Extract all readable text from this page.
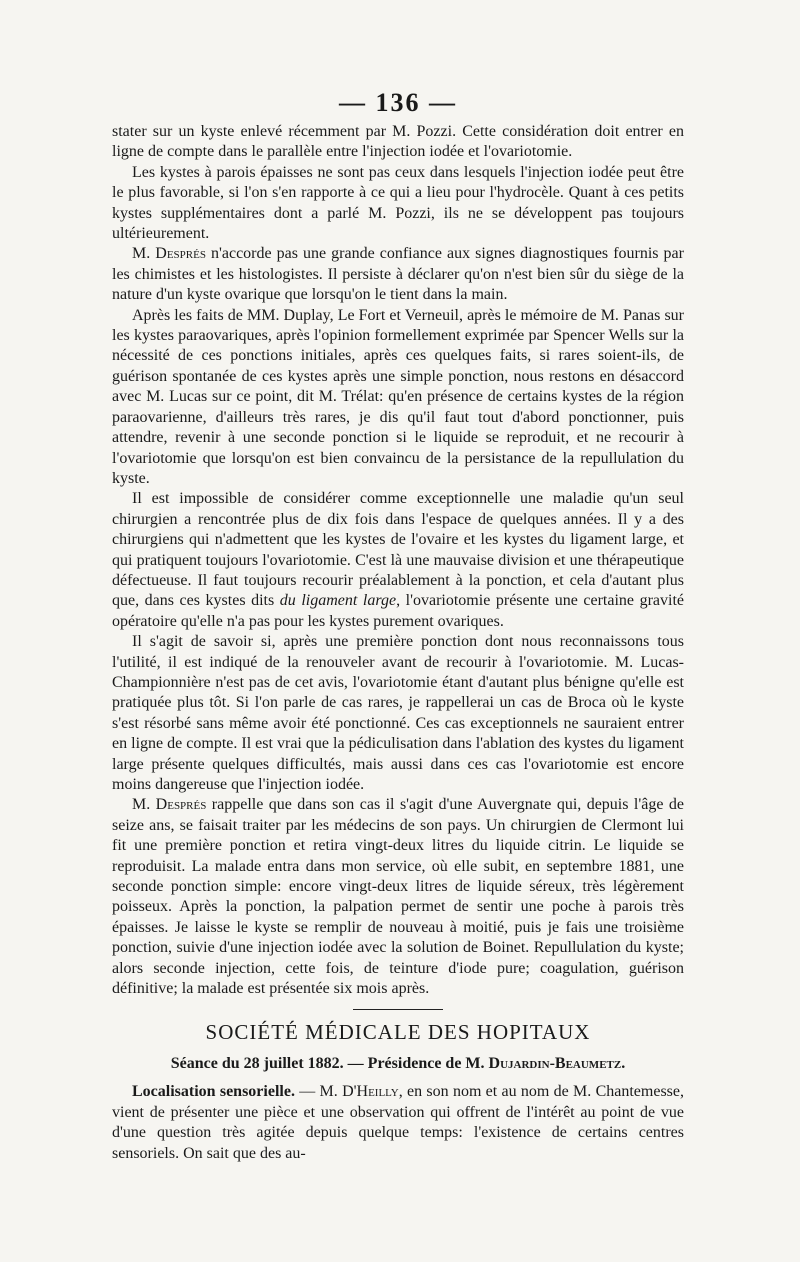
— 136 —

stater sur un kyste enlevé récemment par M. Pozzi. Cette considération doit entrer en ligne de compte dans le parallèle entre l'injection iodée et l'ovariotomie.

Les kystes à parois épaisses ne sont pas ceux dans lesquels l'injection iodée peut être le plus favorable, si l'on s'en rapporte à ce qui a lieu pour l'hydrocèle. Quant à ces petits kystes supplémentaires dont a parlé M. Pozzi, ils ne se développent pas toujours ultérieurement.

M. Després n'accorde pas une grande confiance aux signes diagnostiques fournis par les chimistes et les histologistes. Il persiste à déclarer qu'on n'est bien sûr du siège de la nature d'un kyste ovarique que lorsqu'on le tient dans la main.

Après les faits de MM. Duplay, Le Fort et Verneuil, après le mémoire de M. Panas sur les kystes paraovariques, après l'opinion formellement exprimée par Spencer Wells sur la nécessité de ces ponctions initiales, après ces quelques faits, si rares soient-ils, de guérison spontanée de ces kystes après une simple ponction, nous restons en désaccord avec M. Lucas sur ce point, dit M. Trélat: qu'en présence de certains kystes de la région paraovarienne, d'ailleurs très rares, je dis qu'il faut tout d'abord ponctionner, puis attendre, revenir à une seconde ponction si le liquide se reproduit, et ne recourir à l'ovariotomie que lorsqu'on est bien convaincu de la persistance de la repullulation du kyste.

Il est impossible de considérer comme exceptionnelle une maladie qu'un seul chirurgien a rencontrée plus de dix fois dans l'espace de quelques années. Il y a des chirurgiens qui n'admettent que les kystes de l'ovaire et les kystes du ligament large, et qui pratiquent toujours l'ovariotomie. C'est là une mauvaise division et une thérapeutique défectueuse. Il faut toujours recourir préalablement à la ponction, et cela d'autant plus que, dans ces kystes dits du ligament large, l'ovariotomie présente une certaine gravité opératoire qu'elle n'a pas pour les kystes purement ovariques.

Il s'agit de savoir si, après une première ponction dont nous reconnaissons tous l'utilité, il est indiqué de la renouveler avant de recourir à l'ovariotomie. M. Lucas-Championnière n'est pas de cet avis, l'ovariotomie étant d'autant plus bénigne qu'elle est pratiquée plus tôt. Si l'on parle de cas rares, je rappellerai un cas de Broca où le kyste s'est résorbé sans même avoir été ponctionné. Ces cas exceptionnels ne sauraient entrer en ligne de compte. Il est vrai que la pédiculisation dans l'ablation des kystes du ligament large présente quelques difficultés, mais aussi dans ces cas l'ovariotomie est encore moins dangereuse que l'injection iodée.

M. Després rappelle que dans son cas il s'agit d'une Auvergnate qui, depuis l'âge de seize ans, se faisait traiter par les médecins de son pays. Un chirurgien de Clermont lui fit une première ponction et retira vingt-deux litres du liquide citrin. Le liquide se reproduisit. La malade entra dans mon service, où elle subit, en septembre 1881, une seconde ponction simple: encore vingt-deux litres de liquide séreux, très légèrement poisseux. Après la ponction, la palpation permet de sentir une poche à parois très épaisses. Je laisse le kyste se remplir de nouveau à moitié, puis je fais une troisième ponction, suivie d'une injection iodée avec la solution de Boinet. Repullulation du kyste; alors seconde injection, cette fois, de teinture d'iode pure; coagulation, guérison définitive; la malade est présentée six mois après.

SOCIÉTÉ MÉDICALE DES HOPITAUX
Séance du 28 juillet 1882. — Présidence de M. Dujardin-Beaumetz.

Localisation sensorielle. — M. D'Heilly, en son nom et au nom de M. Chantemesse, vient de présenter une pièce et une observation qui offrent de l'intérêt au point de vue d'une question très agitée depuis quelque temps: l'existence de certains centres sensoriels. On sait que des au-
